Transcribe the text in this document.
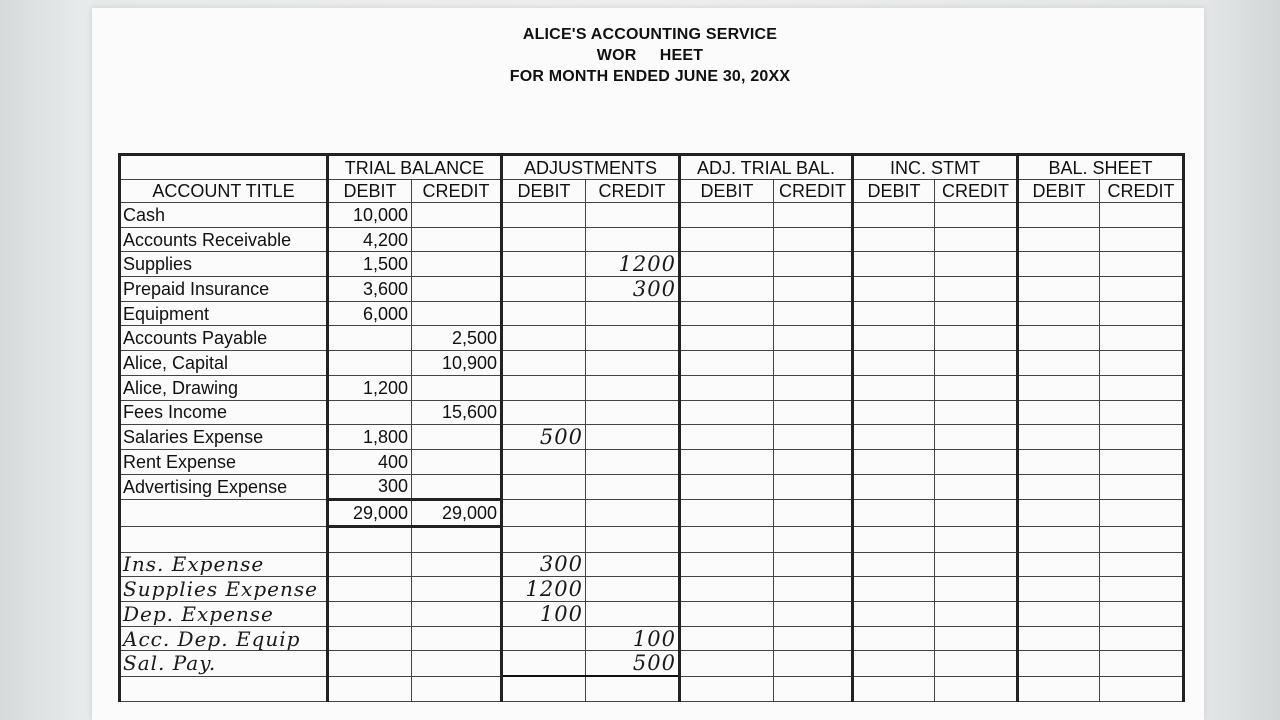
ALICE'S ACCOUNTING SERVICE
WOR     HEET
FOR MONTH ENDED JUNE 30, 20XX
	TRIAL BALANCE		ADJUSTMENTS		ADJ. TRIAL BAL.		INC. STMT		BAL. SHEET	
ACCOUNT TITLE	DEBIT	CREDIT	DEBIT	CREDIT	DEBIT	CREDIT	DEBIT	CREDIT	DEBIT	CREDIT
Cash	10,000									
Accounts Receivable	4,200									
Supplies	1,500			1200						
Prepaid Insurance	3,600			300						
Equipment	6,000									
Accounts Payable		2,500								
Alice, Capital		10,900								
Alice, Drawing	1,200									
Fees Income		15,600								
Salaries Expense	1,800		500							
Rent Expense	400									
Advertising Expense	300									
	29,000	29,000								

Ins. Expense			300							
Supplies Expense			1200							
Dep. Expense			100							
Acc. Dep. Equip				100						
Sal. Pay.				500						
